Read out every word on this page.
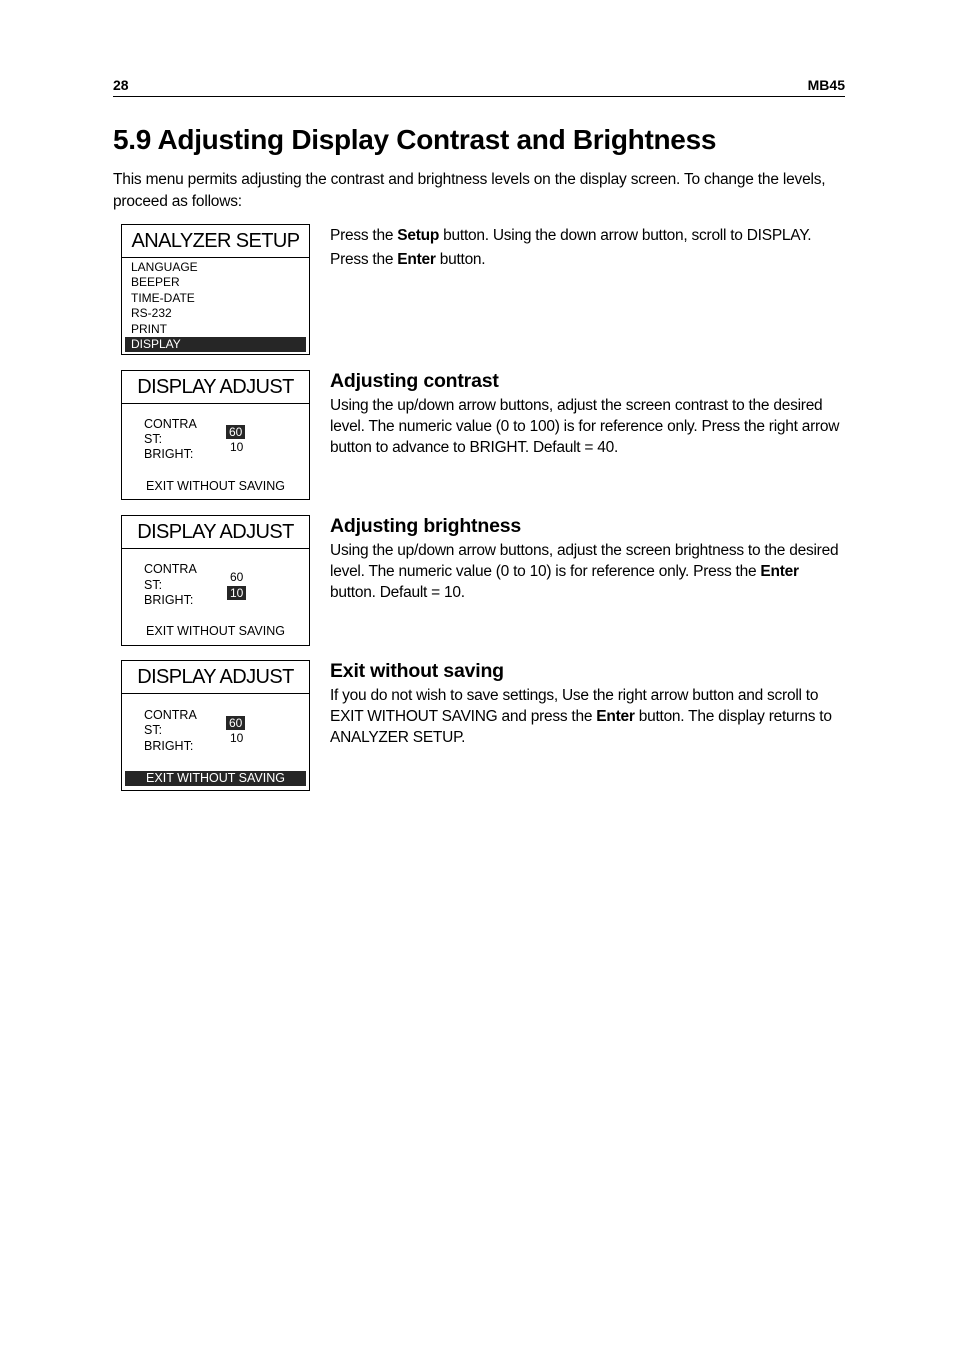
28	MB45
5.9 Adjusting Display Contrast and Brightness

This menu permits adjusting the contrast and brightness levels on the display screen. To change the levels, proceed as follows:

ANALYZER SETUP
LANGUAGE
BEEPER
TIME-DATE
RS-232
PRINT
DISPLAY

Press the Setup button. Using the down arrow button, scroll to DISPLAY. Press the Enter button.

DISPLAY ADJUST
CONTRA
ST:
BRIGHT:
60
10
EXIT WITHOUT SAVING
Adjusting contrast

Using the up/down arrow buttons, adjust the screen contrast to the desired level. The numeric value (0 to 100) is for reference only. Press the right arrow button to advance to BRIGHT. Default = 40.

DISPLAY ADJUST
CONTRA
ST:
BRIGHT:
60
10
EXIT WITHOUT SAVING
Adjusting brightness

Using the up/down arrow buttons, adjust the screen brightness to the desired level. The numeric value (0 to 10) is for reference only. Press the Enter button. Default = 10.

DISPLAY ADJUST
CONTRA
ST:
BRIGHT:
60
10
EXIT WITHOUT SAVING
Exit without saving

If you do not wish to save settings, Use the right arrow button and scroll to EXIT WITHOUT SAVING and press the Enter button. The display returns to ANALYZER SETUP.
